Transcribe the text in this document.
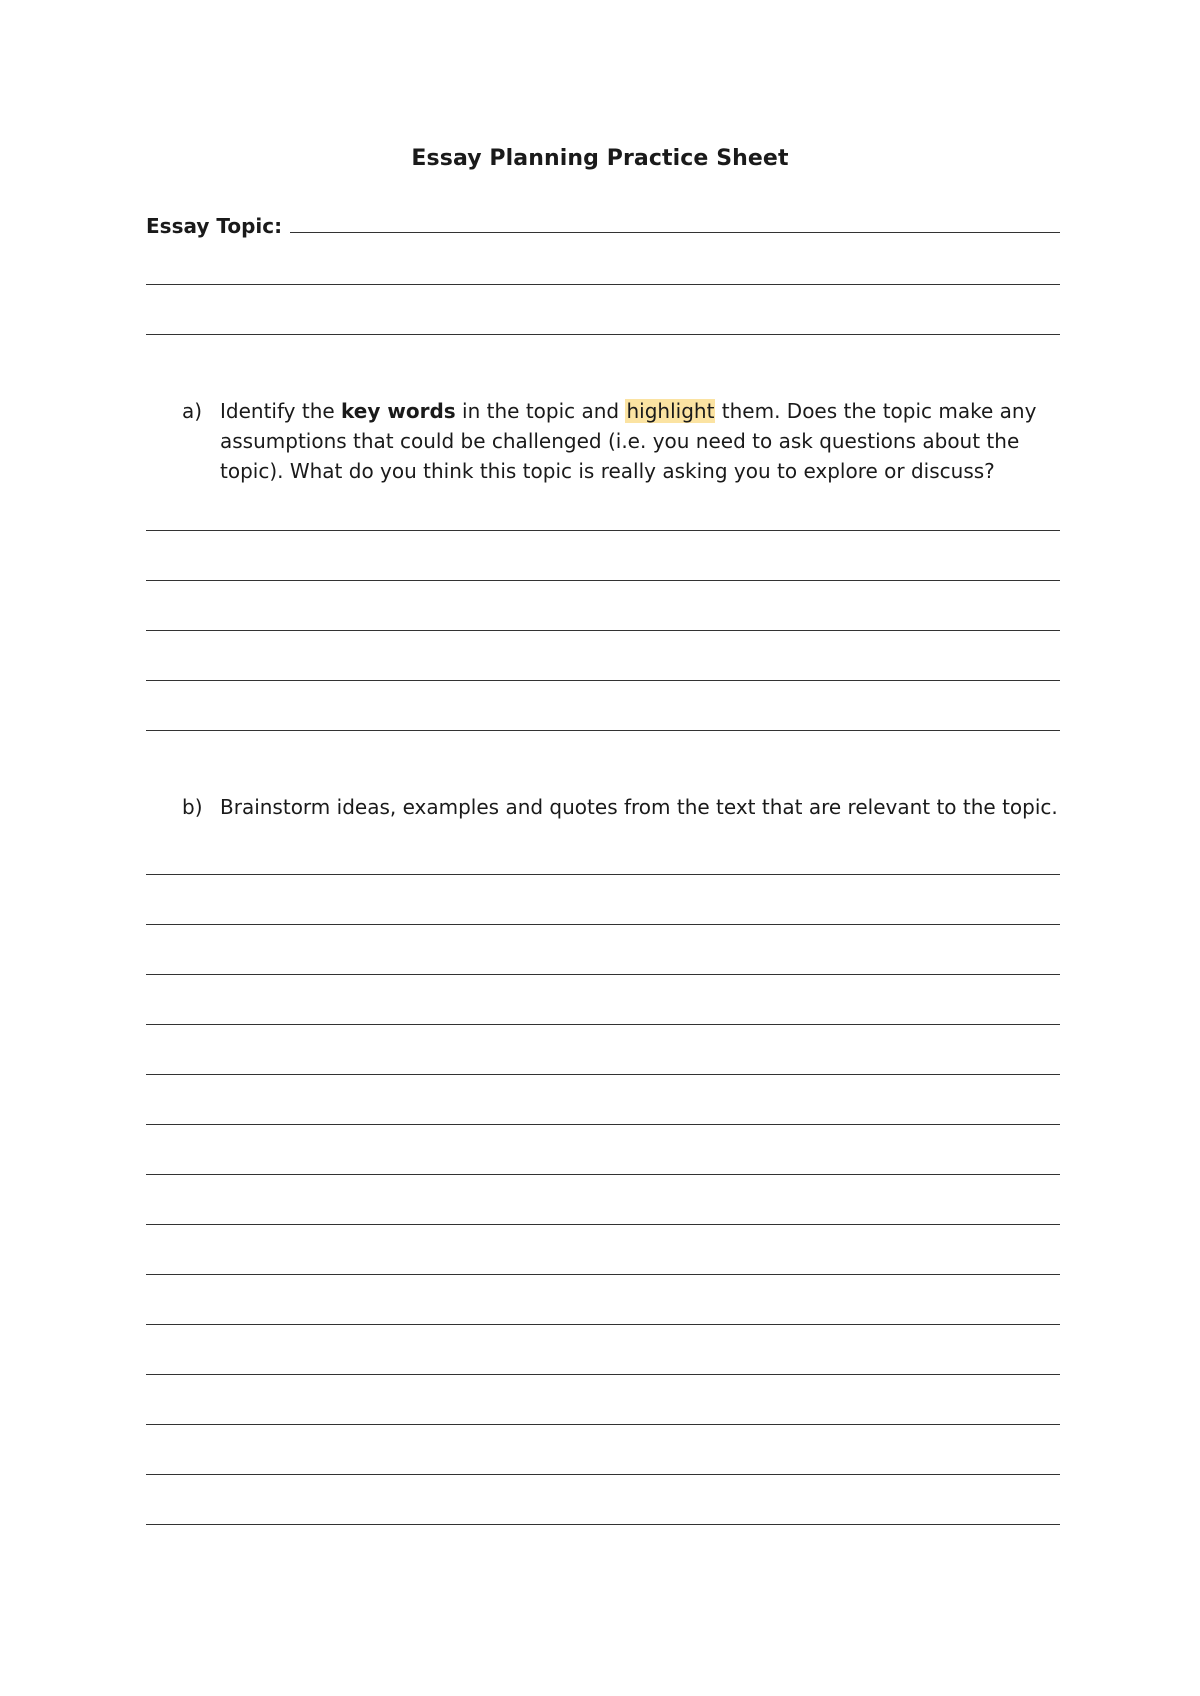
Essay Planning Practice Sheet
Essay Topic:
a) Identify the key words in the topic and highlight them. Does the topic make any assumptions that could be challenged (i.e. you need to ask questions about the topic). What do you think this topic is really asking you to explore or discuss?
b) Brainstorm ideas, examples and quotes from the text that are relevant to the topic.
